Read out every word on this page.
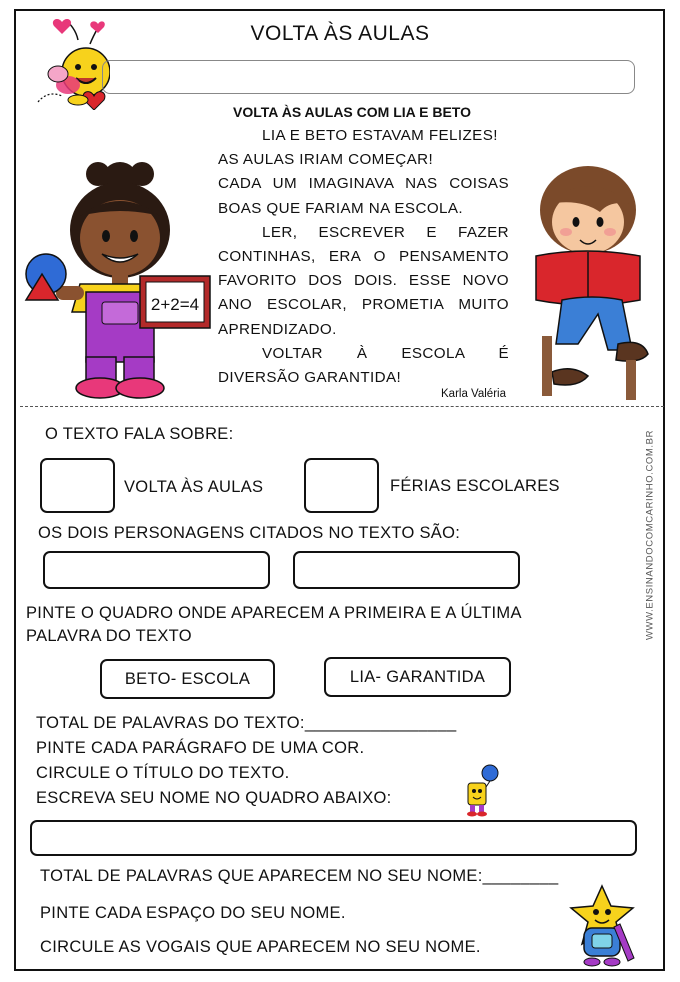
VOLTA ÀS AULAS
VOLTA ÀS AULAS COM LIA E BETO

LIA E BETO ESTAVAM FELIZES!

AS AULAS IRIAM COMEÇAR!

CADA UM IMAGINAVA NAS COISAS

BOAS QUE FARIAM NA ESCOLA.

LER, ESCREVER E FAZER

CONTINHAS, ERA O PENSAMENTO

FAVORITO DOS DOIS. ESSE NOVO

ANO ESCOLAR, PROMETIA MUITO

APRENDIZADO.

VOLTAR À ESCOLA É

DIVERSÃO GARANTIDA!

Karla Valéria
2+2=4
WWW.ENSINANDOCOMCARINHO.COM.BR
O TEXTO FALA SOBRE:
VOLTA ÀS AULAS	FÉRIAS ESCOLARES
OS DOIS PERSONAGENS CITADOS NO TEXTO SÃO:
PINTE O QUADRO ONDE APARECEM A PRIMEIRA E A ÚLTIMA
PALAVRA DO TEXTO
BETO- ESCOLA	LIA- GARANTIDA
TOTAL DE PALAVRAS DO TEXTO:________________
PINTE CADA PARÁGRAFO DE UMA COR.
CIRCULE O TÍTULO DO TEXTO.
ESCREVA SEU NOME NO QUADRO ABAIXO:
TOTAL DE PALAVRAS QUE APARECEM NO SEU NOME:________
PINTE CADA ESPAÇO DO SEU NOME.
CIRCULE AS VOGAIS QUE APARECEM NO SEU NOME.
